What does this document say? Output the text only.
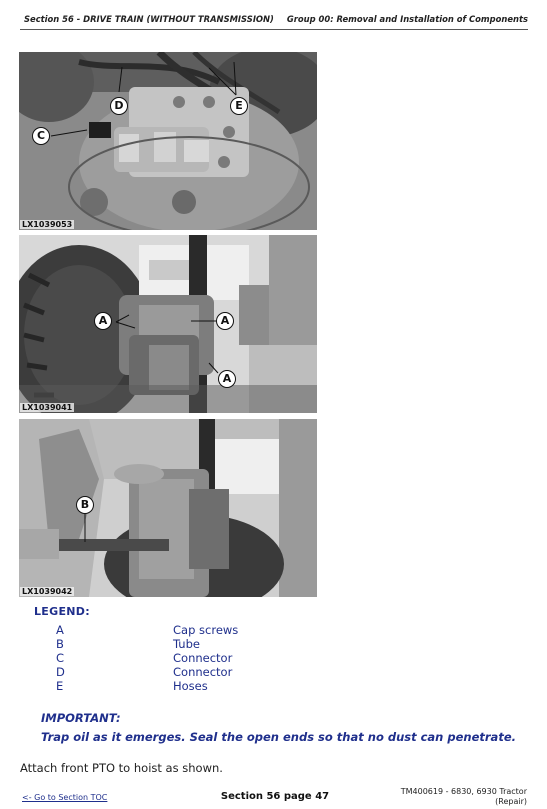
Section 56 - DRIVE TRAIN (WITHOUT TRANSMISSION) Group 00: Removal and Installation of Components
D	E
C
LX1039053
A	A
A
LX1039041
B
LX1039042
LEGEND:
A	Cap screws
B	Tube
C	Connector
D	Connector
E	Hoses
IMPORTANT:
Trap oil as it emerges. Seal the open ends so that no dust can penetrate.
Attach front PTO to hoist as shown.
<- Go to Section TOC	Section 56 page 47	TM400619 - 6830, 6930 Tractor
(Repair)
